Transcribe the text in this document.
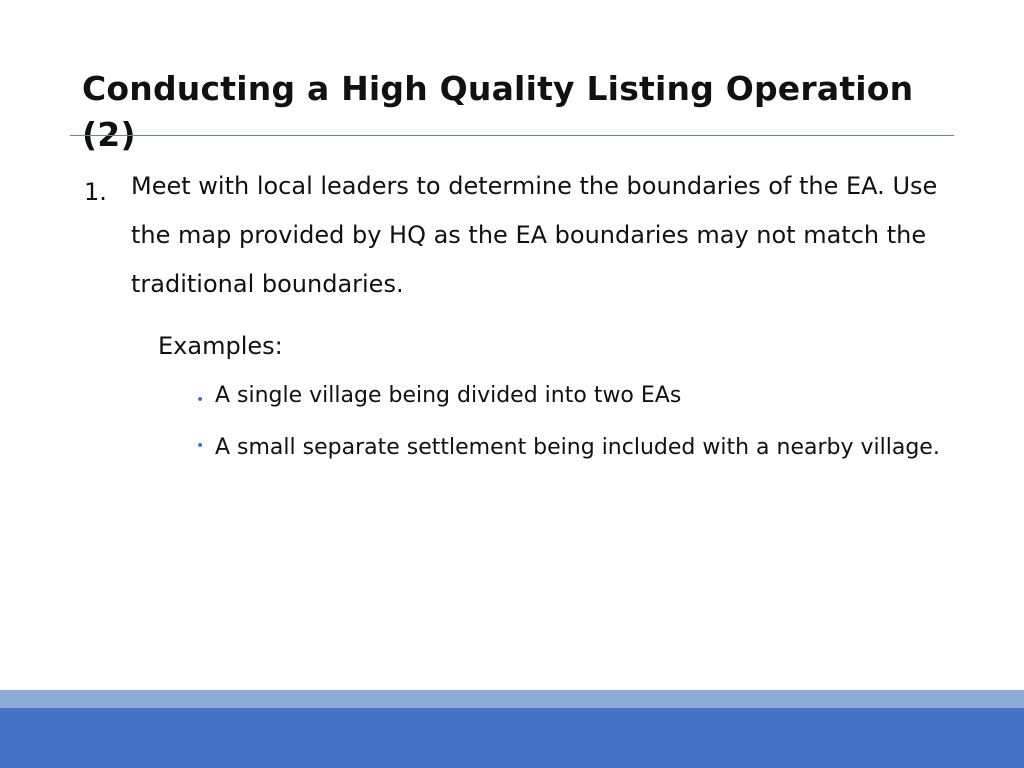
Conducting a High Quality Listing Operation (2)
1. Meet with local leaders to determine the boundaries of the EA. Use the map provided by HQ as the EA boundaries may not match the traditional boundaries.

Examples:

• A single village being divided into two EAs

• A small separate settlement being included with a nearby village.
